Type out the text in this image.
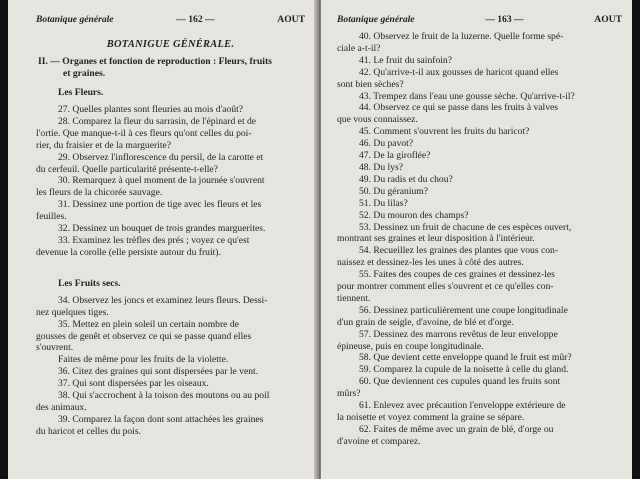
Botanique générale	— 162 —	AOUT
BOTANIGUE GÉNÉRALE.
II. — Organes et fonction de reproduction : Fleurs, fruits
et graines.
Les Fleurs.
27. Quelles plantes sont fleuries au mois d'août?
28. Comparez la fleur du sarrasin, de l'épinard et de
l'ortie. Que manque-t-il à ces fleurs qu'ont celles du poi-
rier, du fraisier et de la marguerite?
29. Observez l'inflorescence du persil, de la carotte et
du cerfeuil. Quelle particularité présente-t-elle?
30. Remarquez à quel moment de la journée s'ouvrent
les fleurs de la chicorée sauvage.
31. Dessinez une portion de tige avec les fleurs et les
feuilles.
32. Dessinez un bouquet de trois grandes marguerites.
33. Examinez les trèfles des prés ; voyez ce qu'est
devenue la corolle (elle persiste autour du fruit).
Les Fruits secs.
34. Observez les joncs et examinez leurs fleurs. Dessi-
nez quelques tiges.
35. Mettez en plein soleil un certain nombre de
gousses de genêt et observez ce qui se passe quand elles
s'ouvrent.
Faites de même pour les fruits de la violette.
36. Citez des graines qui sont dispersées par le vent.
37. Qui sont dispersées par les oiseaux.
38. Qui s'accrochent à la toison des moutons ou au poil
des animaux.
39. Comparez la façon dont sont attachées les graines
du haricot et celles du pois.
Botanique générale	— 163 —	AOUT
40. Observez le fruit de la luzerne. Quelle forme spé-
ciale a-t-il?
41. Le fruit du sainfoin?
42. Qu'arrive-t-il aux gousses de haricot quand elles
sont bien sèches?
43. Trempez dans l'eau une gousse sèche. Qu'arrive-t-il?
44. Observez ce qui se passe dans les fruits à valves
que vous connaissez.
45. Comment s'ouvrent les fruits du haricot?
46. Du pavot?
47. De la giroflée?
48. Du lys?
49. Du radis et du chou?
50. Du géranium?
51. Du lilas?
52. Du mouron des champs?
53. Dessinez un fruit de chacune de ces espèces ouvert,
montrant ses graines et leur disposition à l'intérieur.
54. Recueillez les graines des plantes que vous con-
naissez et dessinez-les les unes à côté des autres.
55. Faites des coupes de ces graines et dessinez-les
pour montrer comment elles s'ouvrent et ce qu'elles con-
tiennent.
56. Dessinez particulièrement une coupe longitudinale
d'un grain de seigle, d'avoine, de blé et d'orge.
57. Dessinez des marrons revêtus de leur enveloppe
épineuse, puis en coupe longitudinale.
58. Que devient cette enveloppe quand le fruit est mûr?
59. Comparez la cupule de la noisette à celle du gland.
60. Que deviennent ces cupules quand les fruits sont
mûrs?
61. Enlevez avec précaution l'enveloppe extérieure de
la noisette et voyez comment la graine se sépare.
62. Faites de même avec un grain de blé, d'orge ou
d'avoine et comparez.
